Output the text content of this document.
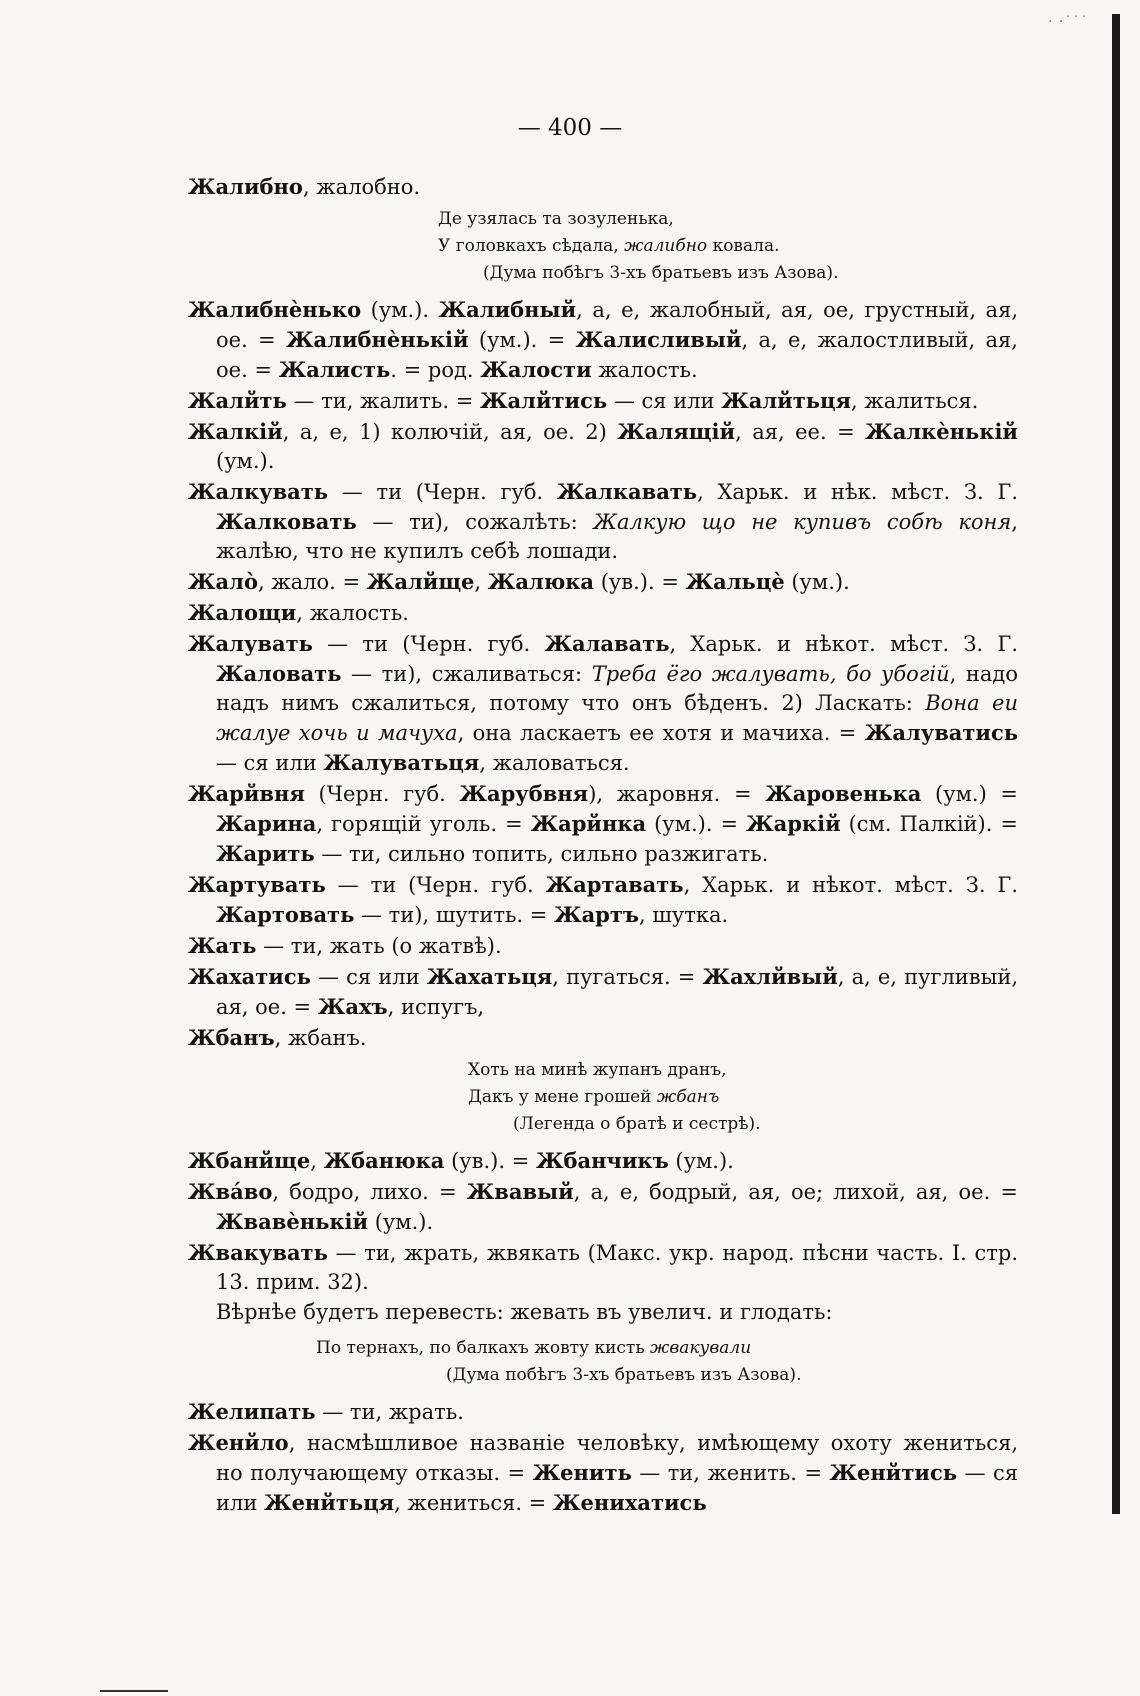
· ·˙˙˙
— 400 —

Жалибно, жалобно.

Де узялась та зозуленька,
У головкахъ сѣдала, жалибно ковала.
(Дума побѣгъ 3-хъ братьевъ изъ Азова).

Жалибнѐнько (ум.). Жалибный, а, е, жалобный, ая, ое, грустный, ая, ое. = Жалибнѐнькій (ум.). = Жалисливый, а, е, жалостливый, ая, ое. = Жалисть. = род. Жалости жалость.

Жалйть — ти, жалить. = Жалйтись — ся или Жалйтьця, жалиться.

Жалкій, а, е, 1) колючій, ая, ое. 2) Жалящій, ая, ее. = Жалкѐнькій (ум.).

Жалкувать — ти (Черн. губ. Жалкавать, Харьк. и нѣк. мѣст. З. Г. Жалковать — ти), сожалѣть: Жалкую що не купивъ собѣ коня, жалѣю, что не купилъ себѣ лошади.

Жалò, жало. = Жалйще, Жалюка (ув.). = Жальцè (ум.).

Жалощи, жалость.

Жалувать — ти (Черн. губ. Жалавать, Харьк. и нѣкот. мѣст. З. Г. Жаловать — ти), сжаливаться: Треба ёго жалувать, бо убогій, надо надъ нимъ сжалиться, потому что онъ бѣденъ. 2) Ласкать: Вона еи жалуе хочь и мачуха, она ласкаетъ ее хотя и мачиха. = Жалуватись — ся или Жалуватьця, жаловаться.

Жарйвня (Черн. губ. Жарубвня), жаровня. = Жаровенька (ум.) = Жарина, горящій уголь. = Жарйнка (ум.). = Жаркій (см. Палкій). = Жарить — ти, сильно топить, сильно разжигать.

Жартувать — ти (Черн. губ. Жартавать, Харьк. и нѣкот. мѣст. З. Г. Жартовать — ти), шутить. = Жартъ, шутка.

Жать — ти, жать (о жатвѣ).

Жахатись — ся или Жахатьця, пугаться. = Жахлйвый, а, е, пугливый, ая, ое. = Жахъ, испугъ,

Жбанъ, жбанъ.

Хоть на минѣ жупанъ дранъ,
Дакъ у мене грошей жбанъ
(Легенда о братѣ и сестрѣ).

Жбанйще, Жбанюка (ув.). = Жбанчикъ (ум.).

Жвáво, бодро, лихо. = Жвавый, а, е, бодрый, ая, ое; лихой, ая, ое. = Жвавѐнькій (ум.).

Жвакувать — ти, жрать, жвякать (Макс. укр. народ. пѣсни часть. I. стр. 13. прим. 32).

Вѣрнѣе будетъ перевесть: жевать въ увелич. и глодать:

По тернахъ, по балкахъ жовту кисть жвакували
(Дума побѣгъ 3-хъ братьевъ изъ Азова).

Желипать — ти, жрать.

Женйло, насмѣшливое названіе человѣку, имѣющему охоту жениться, но получающему отказы. = Женить — ти, женить. = Женйтись — ся или Женйтьця, жениться. = Женихатись
